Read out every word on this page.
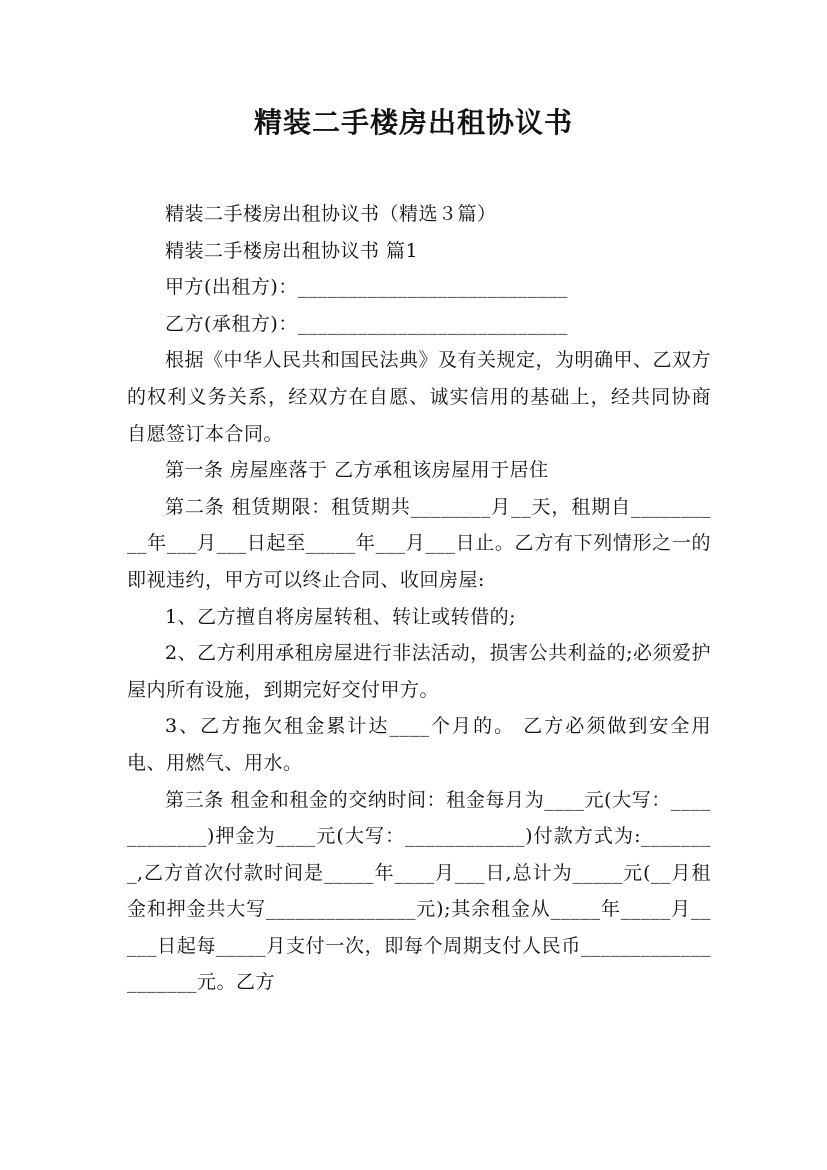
精装二手楼房出租协议书

精装二手楼房出租协议书（精选３篇）

精装二手楼房出租协议书 篇1

甲方(出租方)：___________________________

乙方(承租方)：___________________________

根据《中华人民共和国民法典》及有关规定，为明确甲、乙双方的权利义务关系，经双方在自愿、诚实信用的基础上，经共同协商自愿签订本合同。

第一条 房屋座落于 乙方承租该房屋用于居住

第二条 租赁期限：租赁期共________月__天，租期自__________年___月___日起至_____年___月___日止。乙方有下列情形之一的即视违约，甲方可以终止合同、收回房屋:

1、乙方擅自将房屋转租、转让或转借的;

2、乙方利用承租房屋进行非法活动，损害公共利益的;必须爱护屋内所有设施，到期完好交付甲方。

3、乙方拖欠租金累计达____个月的。 乙方必须做到安全用电、用燃气、用水。

第三条 租金和租金的交纳时间：租金每月为____元(大写：____________)押金为____元(大写：____________)付款方式为:________,乙方首次付款时间是_____年____月___日,总计为_____元(__月租金和押金共大写_______________元);其余租金从_____年_____月_____日起每_____月支付一次，即每个周期支付人民币____________________元。乙方
